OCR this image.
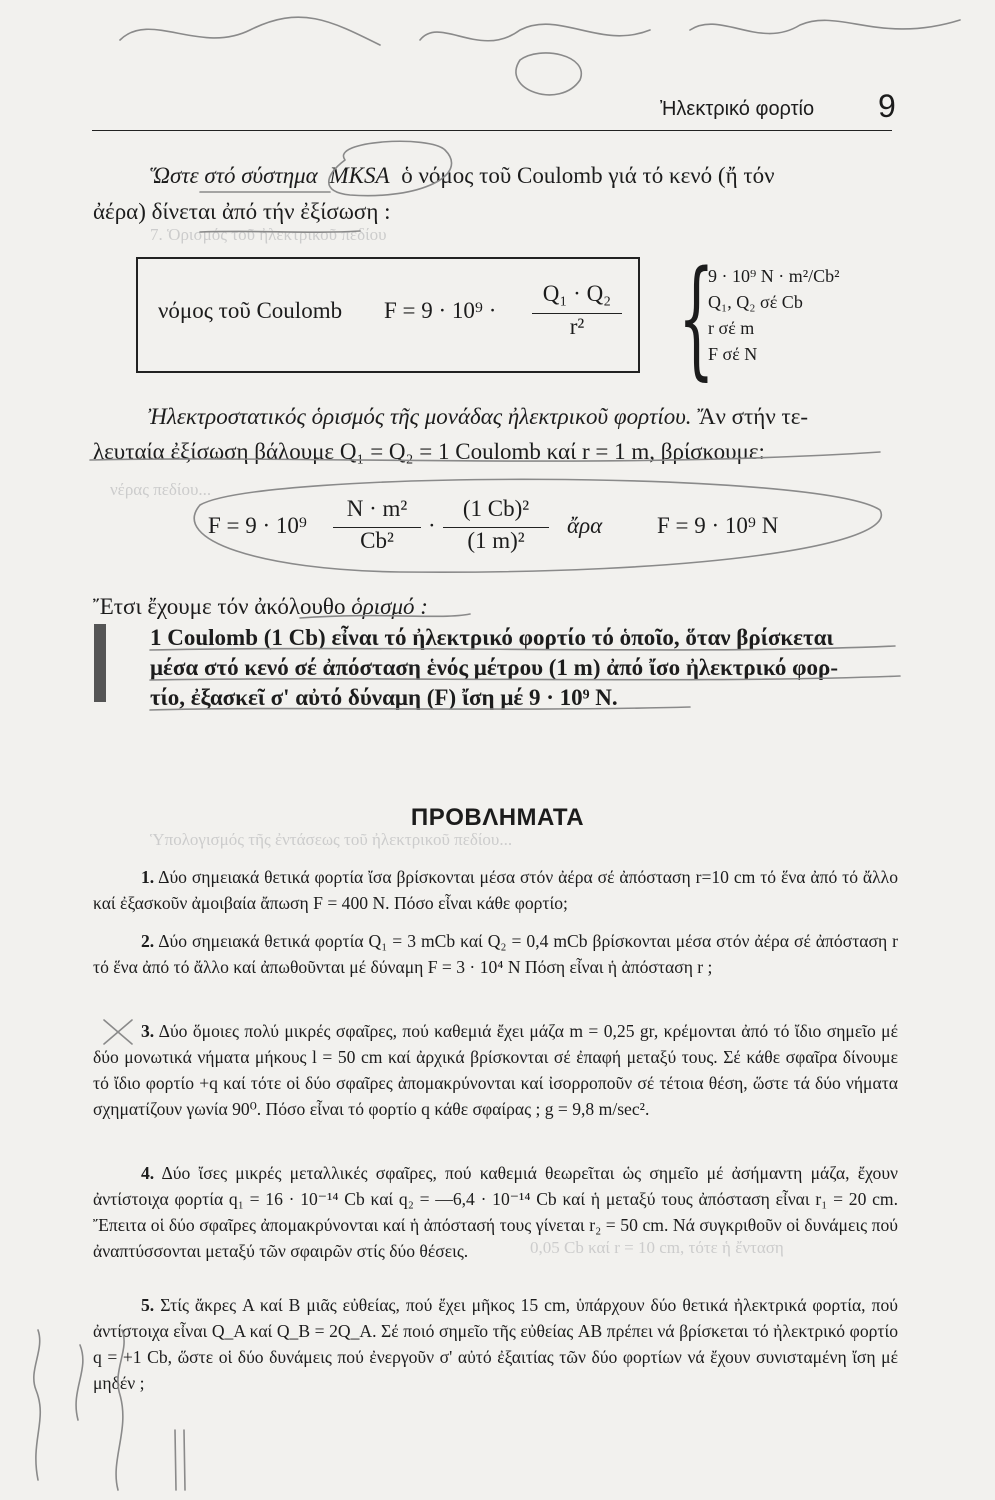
7. Ὁρισμός τοῦ ἠλεκτρικοῦ πεδίου
νέρας πεδίου...
Ὑπολογισμός τῆς ἐντάσεως τοῦ ἠλεκτρικοῦ πεδίου...
0,05 Cb καί r = 10 cm, τότε ἡ ἔνταση
Ἠλεκτρικό φορτίο 9
Ὥστε στό σύστημα MKSA ὁ νόμος τοῦ Coulomb γιά τό κενό (ἤ τόν
ἀέρα) δίνεται ἀπό τήν ἐξίσωση :
νόμος τοῦ Coulomb F = 9 · 10⁹ ·
Q₁ · Q₂
r² {
9 · 10⁹ N · m²/Cb²
Q₁, Q₂ σέ Cb
r σέ m
F σέ N
Ἠλεκτροστατικός ὁρισμός τῆς μονάδας ἠλεκτρικοῦ φορτίου. Ἄν στήν τε-
λευταία ἐξίσωση βάλουμε Q₁ = Q₂ = 1 Coulomb καί r = 1 m, βρίσκουμε:
F = 9 · 10⁹
N · m²
Cb²
·
(1 Cb)²
(1 m)²
ἄρα F = 9 · 10⁹ N
Ἔτσι ἔχουμε τόν ἀκόλουθο ὁρισμό :
1 Coulomb (1 Cb) εἶναι τό ἠλεκτρικό φορτίο τό ὁποῖο, ὅταν βρίσκεται
μέσα στό κενό σέ ἀπόσταση ἑνός μέτρου (1 m) ἀπό ἴσο ἠλεκτρικό φορ-
τίο, ἐξασκεῖ σ' αὐτό δύναμη (F) ἴση μέ 9 · 10⁹ N.
ΠΡΟΒΛΗΜΑΤΑ

1. Δύο σημειακά θετικά φορτία ἴσα βρίσκονται μέσα στόν ἀέρα σέ ἀπόσταση r=10 cm τό ἕνα ἀπό τό ἄλλο καί ἐξασκοῦν ἀμοιβαία ἄπωση F = 400 N. Πόσο εἶναι κάθε φορτίο;

2. Δύο σημειακά θετικά φορτία Q₁ = 3 mCb καί Q₂ = 0,4 mCb βρίσκονται μέσα στόν ἀέρα σέ ἀπόσταση r τό ἕνα ἀπό τό ἄλλο καί ἀπωθοῦνται μέ δύναμη F = 3 · 10⁴ N Πόση εἶναι ἡ ἀπόσταση r ;

3. Δύο ὅμοιες πολύ μικρές σφαῖρες, πού καθεμιά ἔχει μάζα m = 0,25 gr, κρέμονται ἀπό τό ἴδιο σημεῖο μέ δύο μονωτικά νήματα μήκους l = 50 cm καί ἀρχικά βρίσκονται σέ ἐπαφή μεταξύ τους. Σέ κάθε σφαῖρα δίνουμε τό ἴδιο φορτίο +q καί τότε οἱ δύο σφαῖρες ἀπομακρύνονται καί ἰσορροποῦν σέ τέτοια θέση, ὥστε τά δύο νήματα σχηματίζουν γωνία 90⁰. Πόσο εἶναι τό φορτίο q κάθε σφαίρας ; g = 9,8 m/sec².

4. Δύο ἴσες μικρές μεταλλικές σφαῖρες, πού καθεμιά θεωρεῖται ὡς σημεῖο μέ ἀσήμαντη μάζα, ἔχουν ἀντίστοιχα φορτία q₁ = 16 · 10⁻¹⁴ Cb καί q₂ = —6,4 · 10⁻¹⁴ Cb καί ἡ μεταξύ τους ἀπόσταση εἶναι r₁ = 20 cm. Ἔπειτα οἱ δύο σφαῖρες ἀπομακρύνονται καί ἡ ἀπόστασή τους γίνεται r₂ = 50 cm. Νά συγκριθοῦν οἱ δυνάμεις πού ἀναπτύσσονται μεταξύ τῶν σφαιρῶν στίς δύο θέσεις.

5. Στίς ἄκρες A καί B μιᾶς εὐθείας, πού ἔχει μῆκος 15 cm, ὑπάρχουν δύο θετικά ἠλεκτρικά φορτία, πού ἀντίστοιχα εἶναι Q_A καί Q_B = 2Q_A. Σέ ποιό σημεῖο τῆς εὐθείας AB πρέπει νά βρίσκεται τό ἠλεκτρικό φορτίο q = +1 Cb, ὥστε οἱ δύο δυνάμεις πού ἐνεργοῦν σ' αὐτό ἐξαιτίας τῶν δύο φορτίων νά ἔχουν συνισταμένη ἴση μέ μηδέν ;
